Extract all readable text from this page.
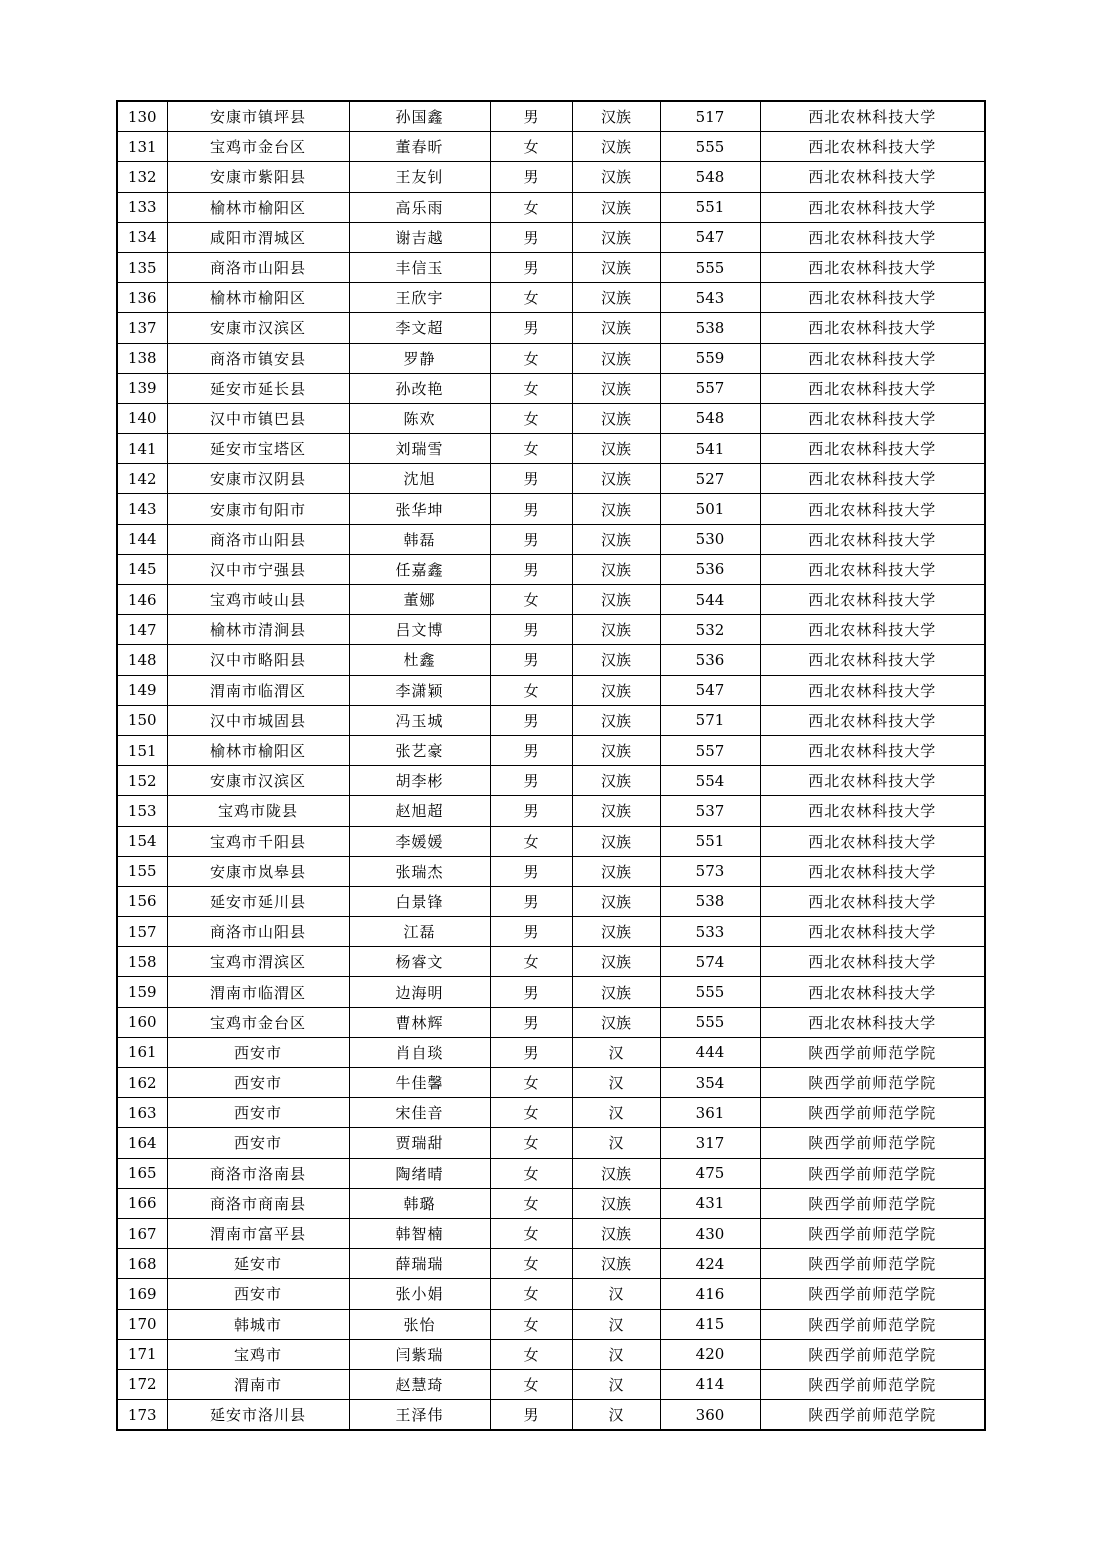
130	安康市镇坪县	孙国鑫	男	汉族	517	西北农林科技大学
131	宝鸡市金台区	董春昕	女	汉族	555	西北农林科技大学
132	安康市紫阳县	王友钊	男	汉族	548	西北农林科技大学
133	榆林市榆阳区	高乐雨	女	汉族	551	西北农林科技大学
134	咸阳市渭城区	谢吉越	男	汉族	547	西北农林科技大学
135	商洛市山阳县	丰信玉	男	汉族	555	西北农林科技大学
136	榆林市榆阳区	王欣宇	女	汉族	543	西北农林科技大学
137	安康市汉滨区	李文超	男	汉族	538	西北农林科技大学
138	商洛市镇安县	罗静	女	汉族	559	西北农林科技大学
139	延安市延长县	孙改艳	女	汉族	557	西北农林科技大学
140	汉中市镇巴县	陈欢	女	汉族	548	西北农林科技大学
141	延安市宝塔区	刘瑞雪	女	汉族	541	西北农林科技大学
142	安康市汉阴县	沈旭	男	汉族	527	西北农林科技大学
143	安康市旬阳市	张华坤	男	汉族	501	西北农林科技大学
144	商洛市山阳县	韩磊	男	汉族	530	西北农林科技大学
145	汉中市宁强县	任嘉鑫	男	汉族	536	西北农林科技大学
146	宝鸡市岐山县	董娜	女	汉族	544	西北农林科技大学
147	榆林市清涧县	吕文博	男	汉族	532	西北农林科技大学
148	汉中市略阳县	杜鑫	男	汉族	536	西北农林科技大学
149	渭南市临渭区	李潇颖	女	汉族	547	西北农林科技大学
150	汉中市城固县	冯玉城	男	汉族	571	西北农林科技大学
151	榆林市榆阳区	张艺豪	男	汉族	557	西北农林科技大学
152	安康市汉滨区	胡李彬	男	汉族	554	西北农林科技大学
153	宝鸡市陇县	赵旭超	男	汉族	537	西北农林科技大学
154	宝鸡市千阳县	李媛媛	女	汉族	551	西北农林科技大学
155	安康市岚皋县	张瑞杰	男	汉族	573	西北农林科技大学
156	延安市延川县	白景锋	男	汉族	538	西北农林科技大学
157	商洛市山阳县	江磊	男	汉族	533	西北农林科技大学
158	宝鸡市渭滨区	杨睿文	女	汉族	574	西北农林科技大学
159	渭南市临渭区	边海明	男	汉族	555	西北农林科技大学
160	宝鸡市金台区	曹林辉	男	汉族	555	西北农林科技大学
161	西安市	肖自琰	男	汉	444	陕西学前师范学院
162	西安市	牛佳馨	女	汉	354	陕西学前师范学院
163	西安市	宋佳音	女	汉	361	陕西学前师范学院
164	西安市	贾瑞甜	女	汉	317	陕西学前师范学院
165	商洛市洛南县	陶绪晴	女	汉族	475	陕西学前师范学院
166	商洛市商南县	韩璐	女	汉族	431	陕西学前师范学院
167	渭南市富平县	韩智楠	女	汉族	430	陕西学前师范学院
168	延安市	薛瑞瑞	女	汉族	424	陕西学前师范学院
169	西安市	张小娟	女	汉	416	陕西学前师范学院
170	韩城市	张怡	女	汉	415	陕西学前师范学院
171	宝鸡市	闫紫瑞	女	汉	420	陕西学前师范学院
172	渭南市	赵慧琦	女	汉	414	陕西学前师范学院
173	延安市洛川县	王泽伟	男	汉	360	陕西学前师范学院
